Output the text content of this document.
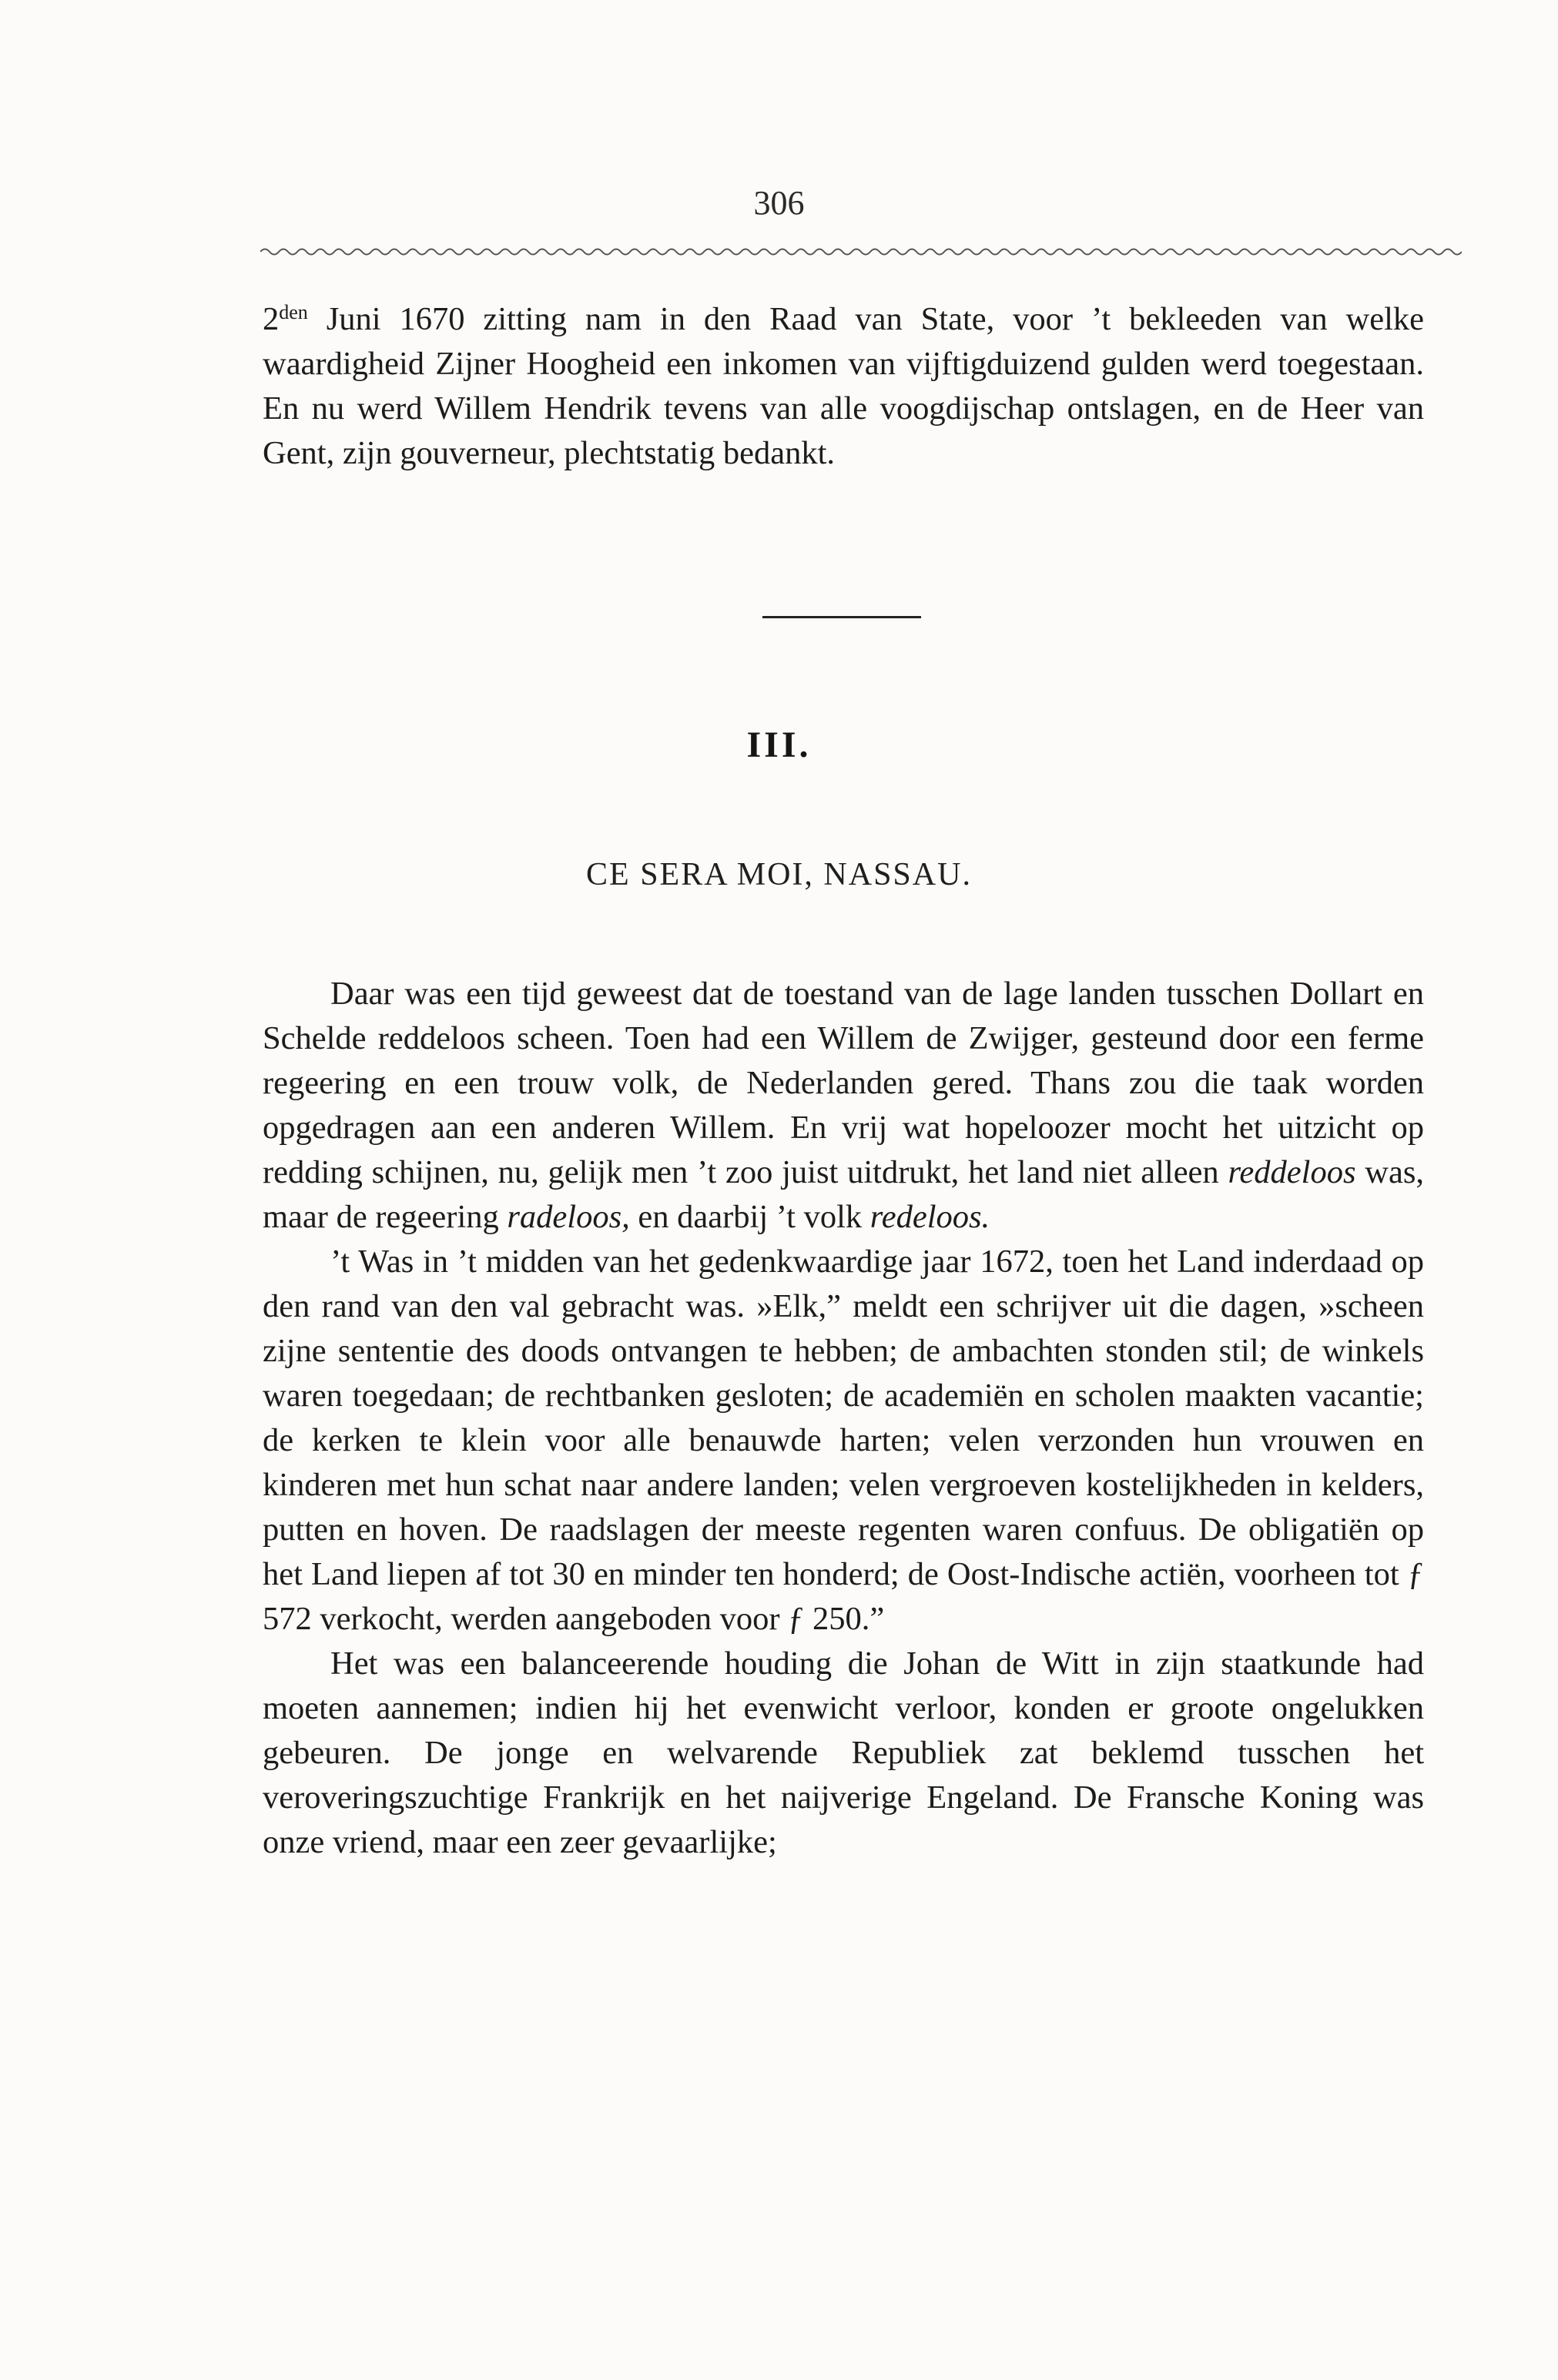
306

$2^{den}$ Juni 1670 zitting nam in den Raad van State, voor ’t bekleeden van welke waardigheid Zijner Hoogheid een inkomen van vijftigduizend gulden werd toegestaan. En nu werd Willem Hendrik tevens van alle voogdijschap ontslagen, en de Heer van Gent, zijn gouverneur, plechtstatig bedankt.

III.
CE SERA MOI, NASSAU.

Daar was een tijd geweest dat de toestand van de lage landen tusschen Dollart en Schelde reddeloos scheen. Toen had een Willem de Zwijger, gesteund door een ferme regeering en een trouw volk, de Nederlanden gered. Thans zou die taak worden opgedragen aan een anderen Willem. En vrij wat hopeloozer mocht het uitzicht op redding schijnen, nu, gelijk men ’t zoo juist uitdrukt, het land niet alleen reddeloos was, maar de regeering radeloos, en daarbij ’t volk redeloos.

’t Was in ’t midden van het gedenkwaardige jaar 1672, toen het Land inderdaad op den rand van den val gebracht was. »Elk,” meldt een schrijver uit die dagen, »scheen zijne sententie des doods ontvangen te hebben; de ambachten stonden stil; de winkels waren toegedaan; de rechtbanken gesloten; de academiën en scholen maakten vacantie; de kerken te klein voor alle benauwde harten; velen verzonden hun vrouwen en kinderen met hun schat naar andere landen; velen vergroeven kostelijkheden in kelders, putten en hoven. De raadslagen der meeste regenten waren confuus. De obligatiën op het Land liepen af tot 30 en minder ten honderd; de Oost-Indische actiën, voorheen tot ƒ 572 verkocht, werden aangeboden voor ƒ 250.”

Het was een balanceerende houding die Johan de Witt in zijn staatkunde had moeten aannemen; indien hij het evenwicht verloor, konden er groote ongelukken gebeuren. De jonge en welvarende Republiek zat beklemd tusschen het veroveringszuchtige Frankrijk en het naijverige Engeland. De Fransche Koning was onze vriend, maar een zeer gevaarlijke;
